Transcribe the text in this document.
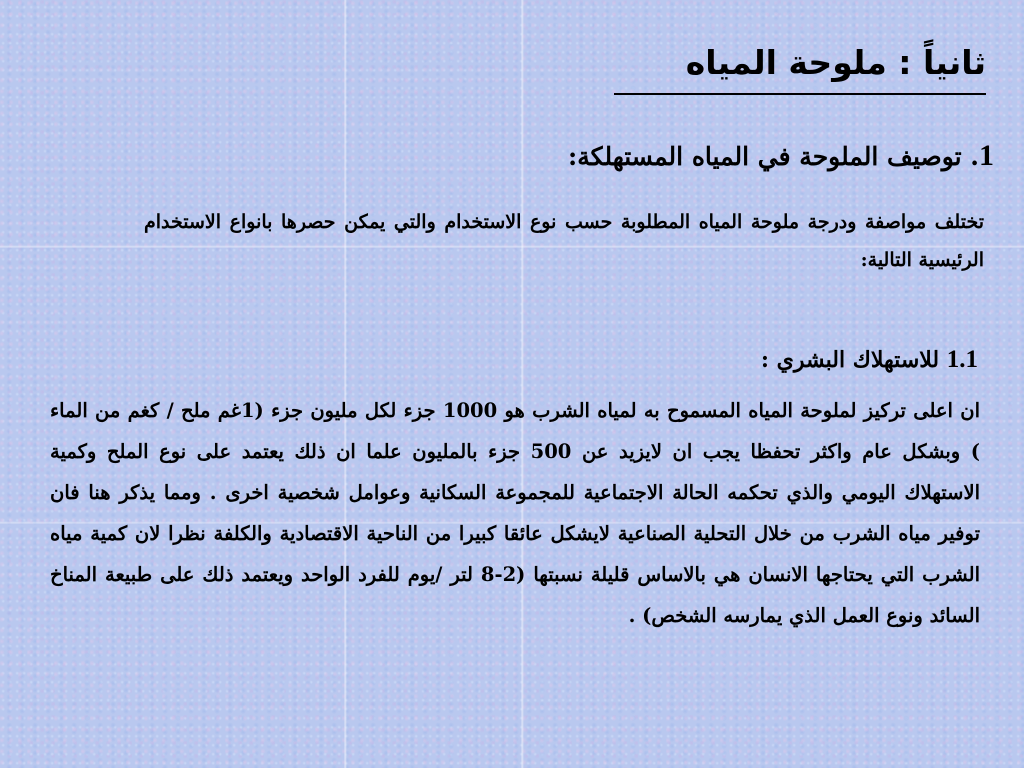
ثانياً : ملوحة المياه
1. توصيف الملوحة في المياه المستهلكة:
تختلف مواصفة ودرجة ملوحة المياه المطلوبة حسب نوع الاستخدام والتي يمكن حصرها بانواع الاستخدام الرئيسية التالية:
1.1 للاستهلاك البشري :

ان اعلى تركيز لملوحة المياه المسموح به لمياه الشرب هو 1000 جزء لكل مليون جزء (1غم ملح / كغم من الماء ) وبشكل عام واكثر تحفظا يجب ان لايزيد عن 500 جزء بالمليون علما ان ذلك يعتمد على نوع الملح وكمية الاستهلاك اليومي والذي تحكمه الحالة الاجتماعية للمجموعة السكانية وعوامل شخصية اخرى . ومما يذكر هنا فان توفير مياه الشرب من خلال التحلية الصناعية لايشكل عائقا كبيرا من الناحية الاقتصادية والكلفة نظرا لان كمية مياه الشرب التي يحتاجها الانسان هي بالاساس قليلة نسبتها (2-8 لتر /يوم للفرد الواحد ويعتمد ذلك على طبيعة المناخ السائد ونوع العمل الذي يمارسه الشخص) .
